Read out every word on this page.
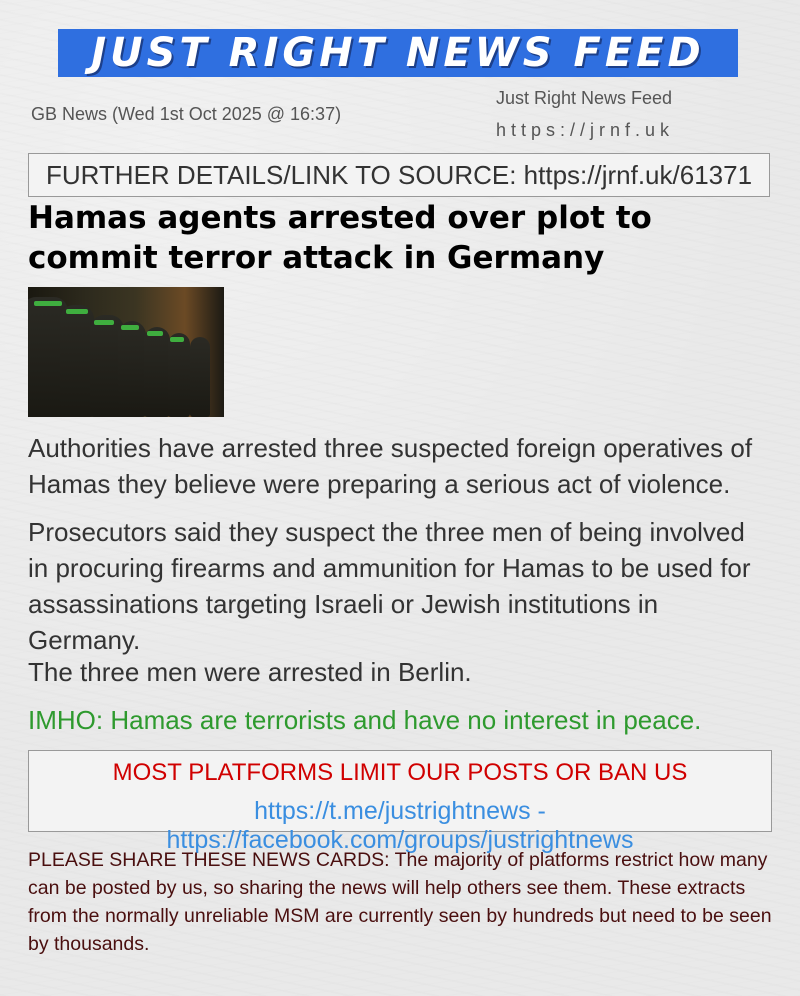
JUST RIGHT NEWS FEED
GB News (Wed 1st Oct 2025 @ 16:37)
Just Right News Feed
https://jrnf.uk
FURTHER DETAILS/LINK TO SOURCE: https://jrnf.uk/61371
Hamas agents arrested over plot to commit terror attack in Germany
Authorities have arrested three suspected foreign operatives of Hamas they believe were preparing a serious act of violence.
Prosecutors said they suspect the three men of being involved in procuring firearms and ammunition for Hamas to be used for assassinations targeting Israeli or Jewish institutions in Germany.
The three men were arrested in Berlin.
IMHO: Hamas are terrorists and have no interest in peace.
MOST PLATFORMS LIMIT OUR POSTS OR BAN US
https://t.me/justrightnews - https://facebook.com/groups/justrightnews
PLEASE SHARE THESE NEWS CARDS: The majority of platforms restrict how many can be posted by us, so sharing the news will help others see them. These extracts from the normally unreliable MSM are currently seen by hundreds but need to be seen by thousands.
